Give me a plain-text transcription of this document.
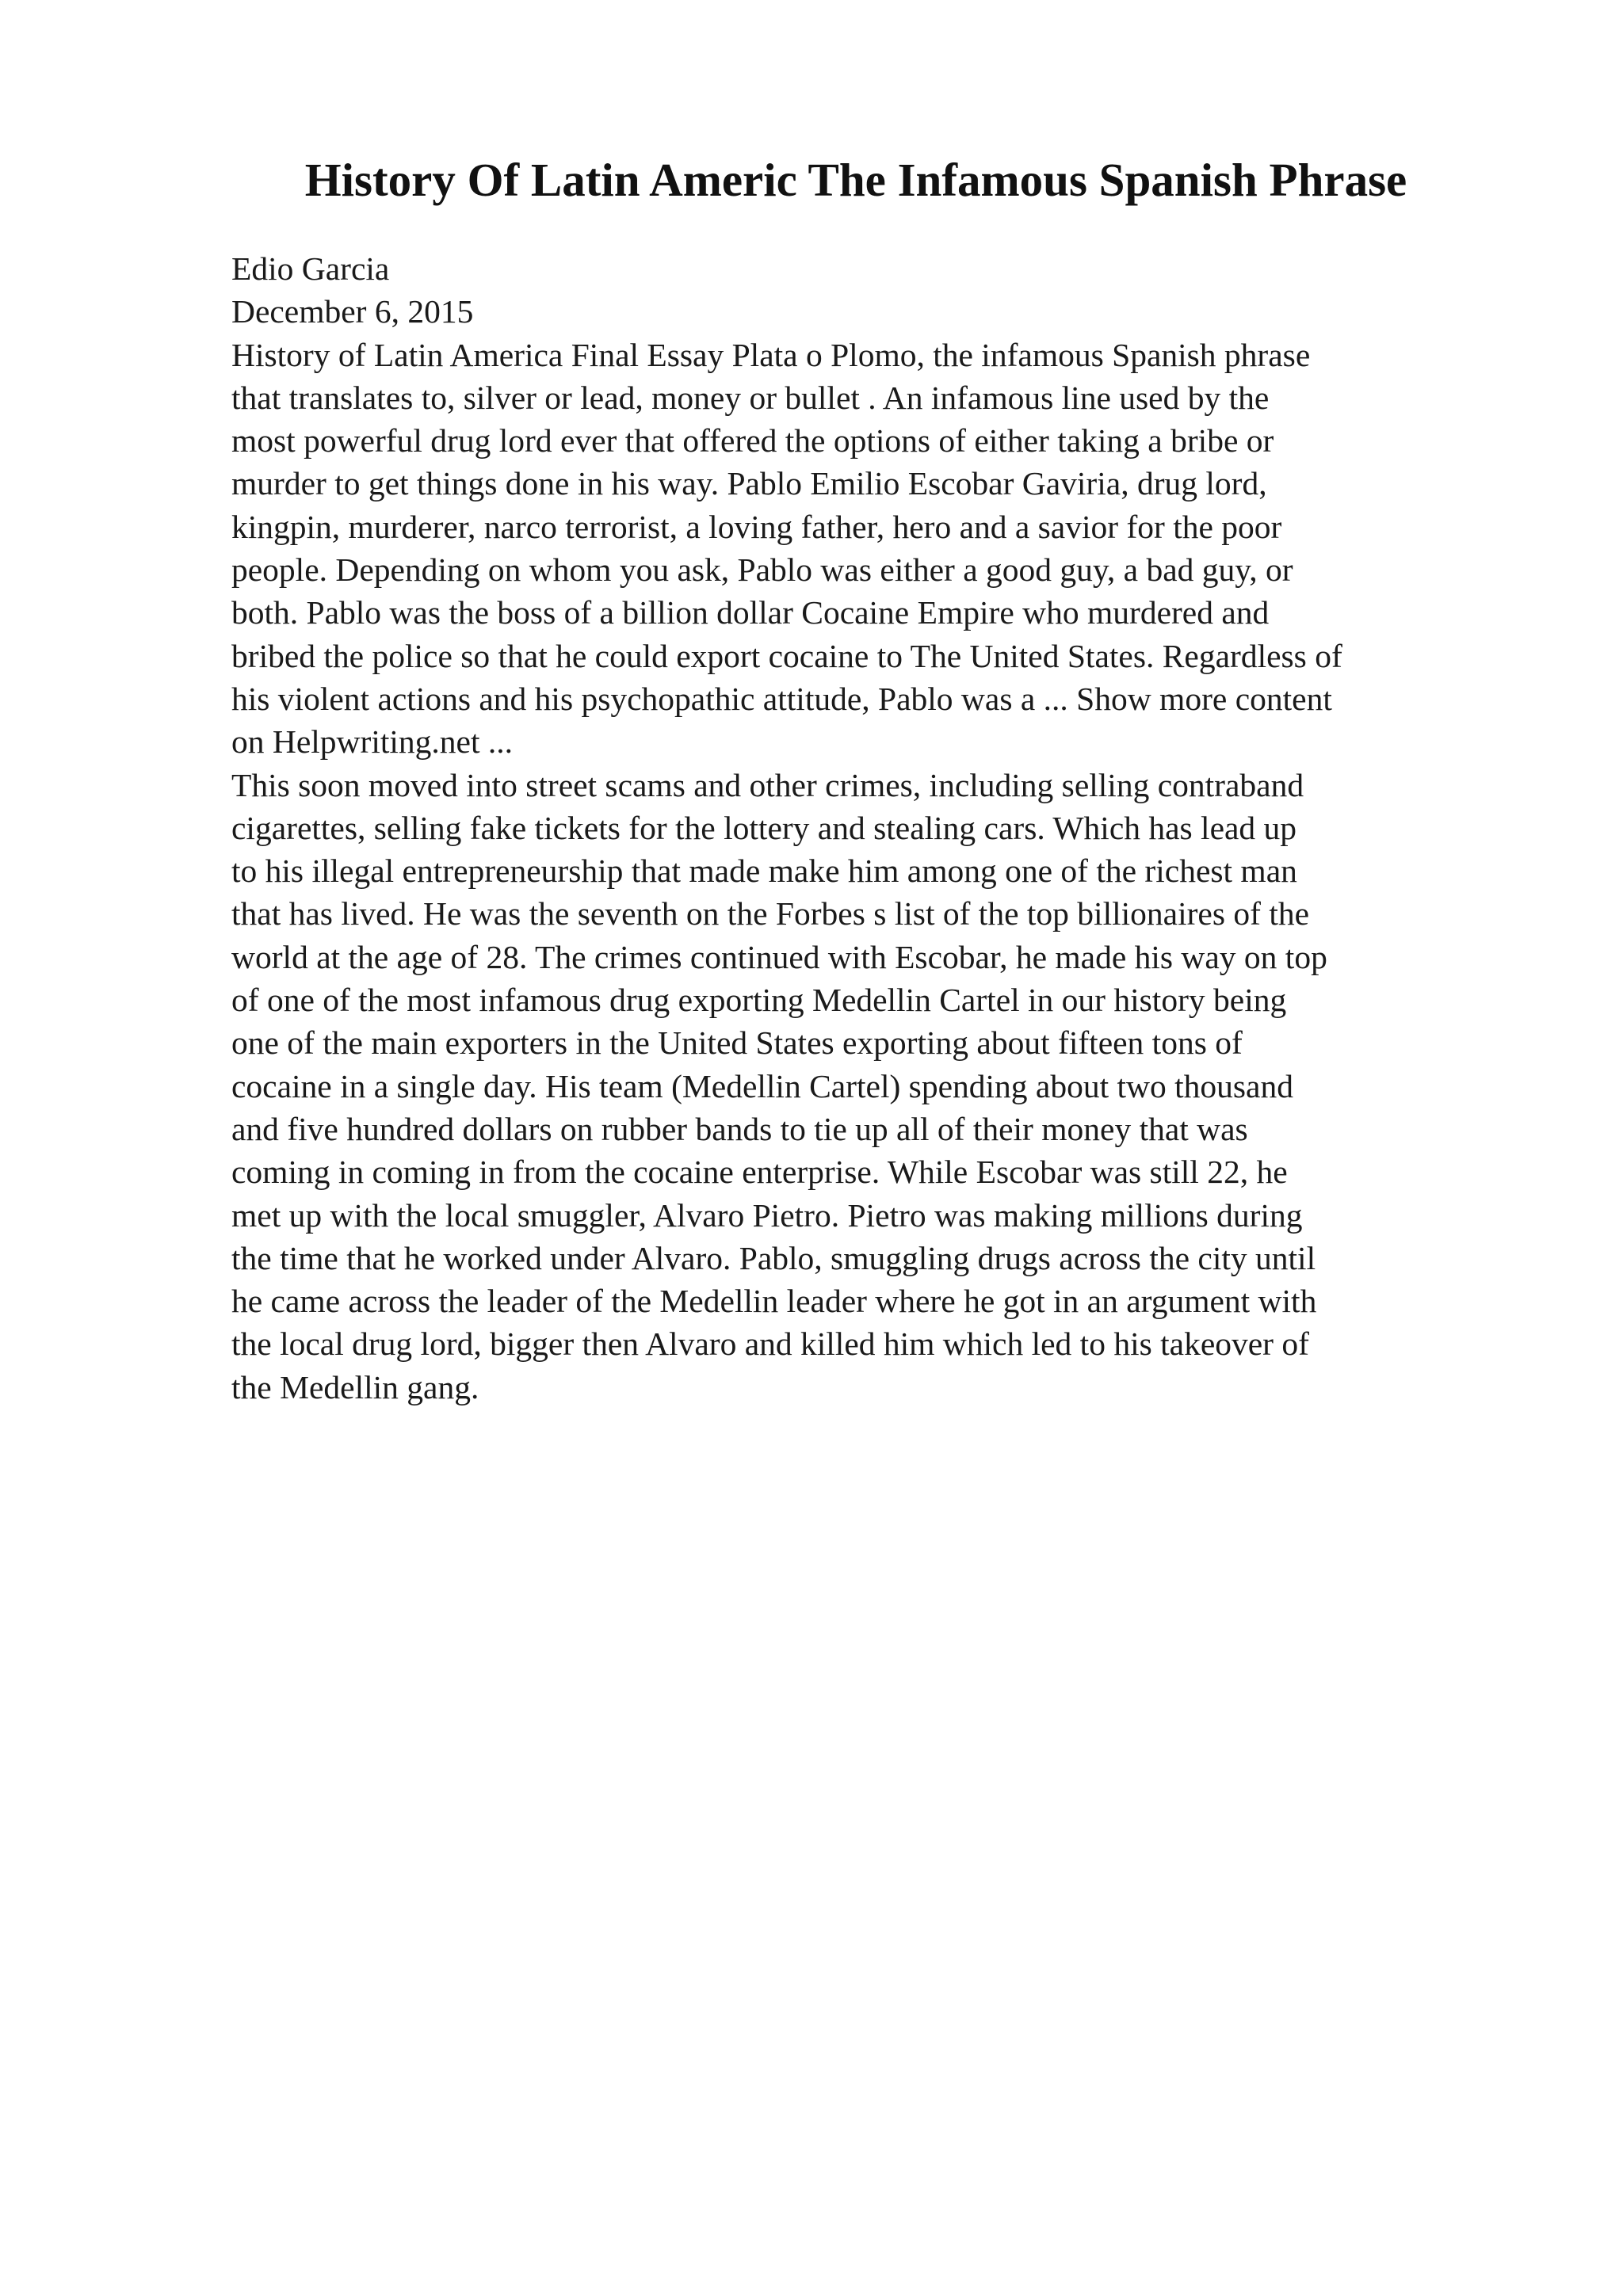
History Of Latin Americ The Infamous Spanish Phrase
Edio Garcia
December 6, 2015
History of Latin America Final Essay Plata o Plomo, the infamous Spanish phrase
that translates to, silver or lead, money or bullet . An infamous line used by the
most powerful drug lord ever that offered the options of either taking a bribe or
murder to get things done in his way. Pablo Emilio Escobar Gaviria, drug lord,
kingpin, murderer, narco terrorist, a loving father, hero and a savior for the poor
people. Depending on whom you ask, Pablo was either a good guy, a bad guy, or
both. Pablo was the boss of a billion dollar Cocaine Empire who murdered and
bribed the police so that he could export cocaine to The United States. Regardless of
his violent actions and his psychopathic attitude, Pablo was a ... Show more content
on Helpwriting.net ...
This soon moved into street scams and other crimes, including selling contraband
cigarettes, selling fake tickets for the lottery and stealing cars. Which has lead up
to his illegal entrepreneurship that made make him among one of the richest man
that has lived. He was the seventh on the Forbes s list of the top billionaires of the
world at the age of 28. The crimes continued with Escobar, he made his way on top
of one of the most infamous drug exporting Medellin Cartel in our history being
one of the main exporters in the United States exporting about fifteen tons of
cocaine in a single day. His team (Medellin Cartel) spending about two thousand
and five hundred dollars on rubber bands to tie up all of their money that was
coming in coming in from the cocaine enterprise. While Escobar was still 22, he
met up with the local smuggler, Alvaro Pietro. Pietro was making millions during
the time that he worked under Alvaro. Pablo, smuggling drugs across the city until
he came across the leader of the Medellin leader where he got in an argument with
the local drug lord, bigger then Alvaro and killed him which led to his takeover of
the Medellin gang.
